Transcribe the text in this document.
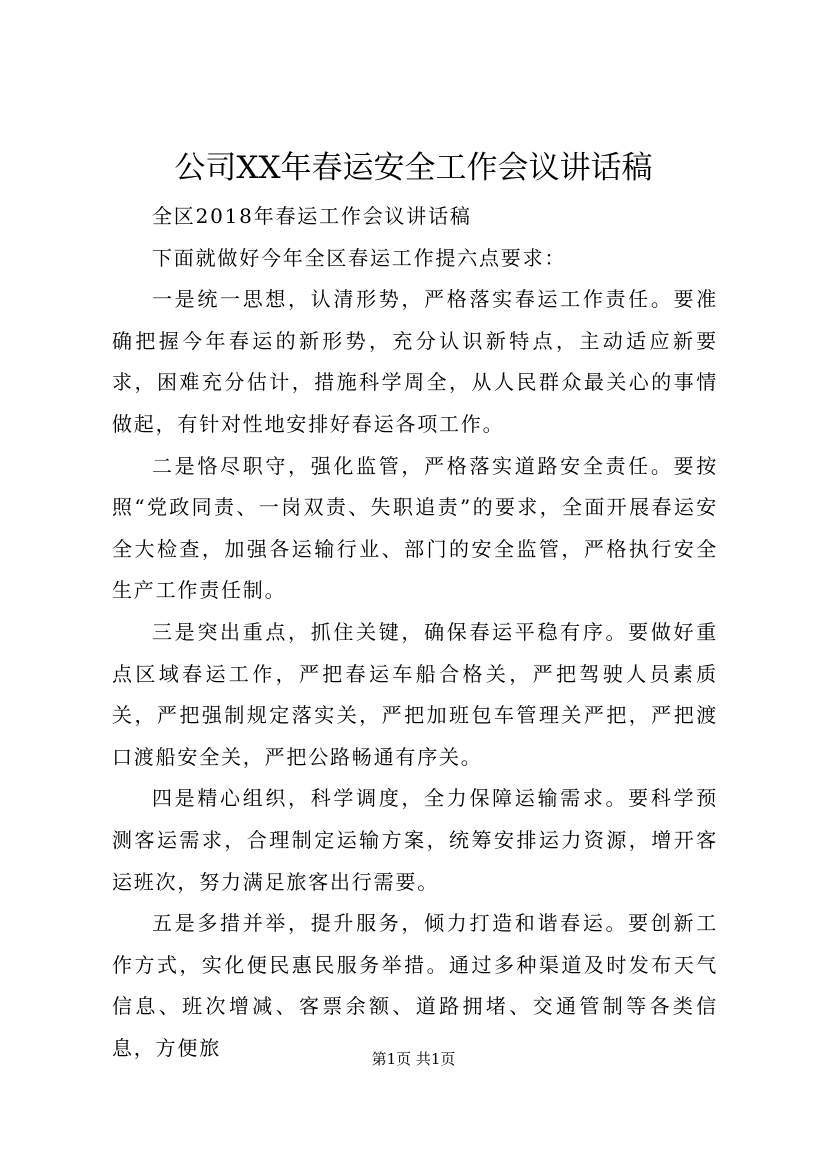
公司XX年春运安全工作会议讲话稿

全区2018年春运工作会议讲话稿

下面就做好今年全区春运工作提六点要求：

一是统一思想，认清形势，严格落实春运工作责任。要准确把握今年春运的新形势，充分认识新特点，主动适应新要求，困难充分估计，措施科学周全，从人民群众最关心的事情做起，有针对性地安排好春运各项工作。

二是恪尽职守，强化监管，严格落实道路安全责任。要按照“党政同责、一岗双责、失职追责”的要求，全面开展春运安全大检查，加强各运输行业、部门的安全监管，严格执行安全生产工作责任制。

三是突出重点，抓住关键，确保春运平稳有序。要做好重点区域春运工作，严把春运车船合格关，严把驾驶人员素质关，严把强制规定落实关，严把加班包车管理关严把，严把渡口渡船安全关，严把公路畅通有序关。

四是精心组织，科学调度，全力保障运输需求。要科学预测客运需求，合理制定运输方案，统筹安排运力资源，增开客运班次，努力满足旅客出行需要。

五是多措并举，提升服务，倾力打造和谐春运。要创新工作方式，实化便民惠民服务举措。通过多种渠道及时发布天气信息、班次增减、客票余额、道路拥堵、交通管制等各类信息，方便旅	第1页 共1页
